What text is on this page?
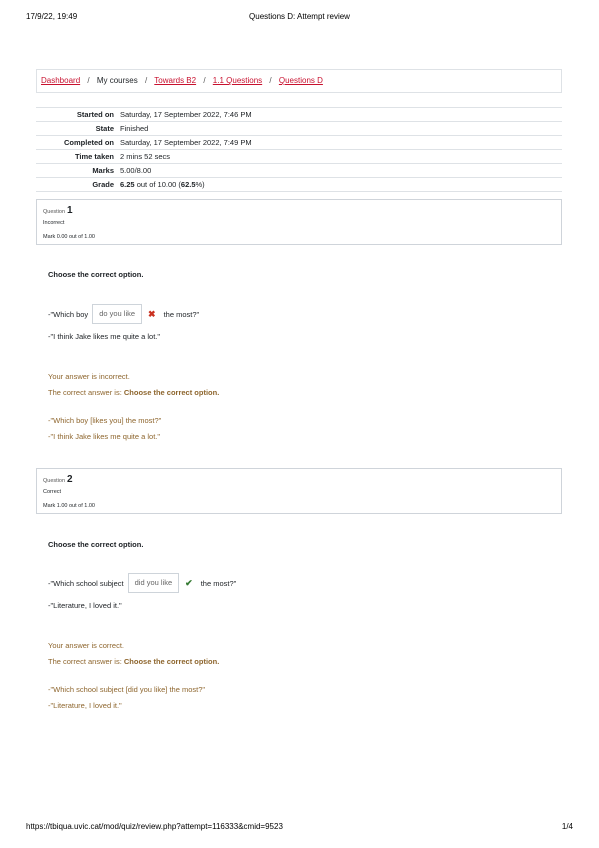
17/9/22, 19:49	Questions D: Attempt review
Dashboard / My courses / Towards B2 / 1.1 Questions / Questions D
Started on	Saturday, 17 September 2022, 7:46 PM
State	Finished
Completed on	Saturday, 17 September 2022, 7:49 PM
Time taken	2 mins 52 secs
Marks	5.00/8.00
Grade	6.25 out of 10.00 (62.5%)
Question 1
Incorrect
Mark 0.00 out of 1.00
Choose the correct option.
-"Which boy	do you like	✖ the most?"
-"I think Jake likes me quite a lot."
Your answer is incorrect.
The correct answer is: Choose the correct option.
-"Which boy [likes you] the most?"
-"I think Jake likes me quite a lot."
Question 2
Correct
Mark 1.00 out of 1.00
Choose the correct option.
-"Which school subject	did you like	✔ the most?"
-"Literature, I loved it."
Your answer is correct.
The correct answer is: Choose the correct option.
-"Which school subject [did you like] the most?"
-"Literature, I loved it."
https://tbiqua.uvic.cat/mod/quiz/review.php?attempt=116333&cmid=9523	1/4
